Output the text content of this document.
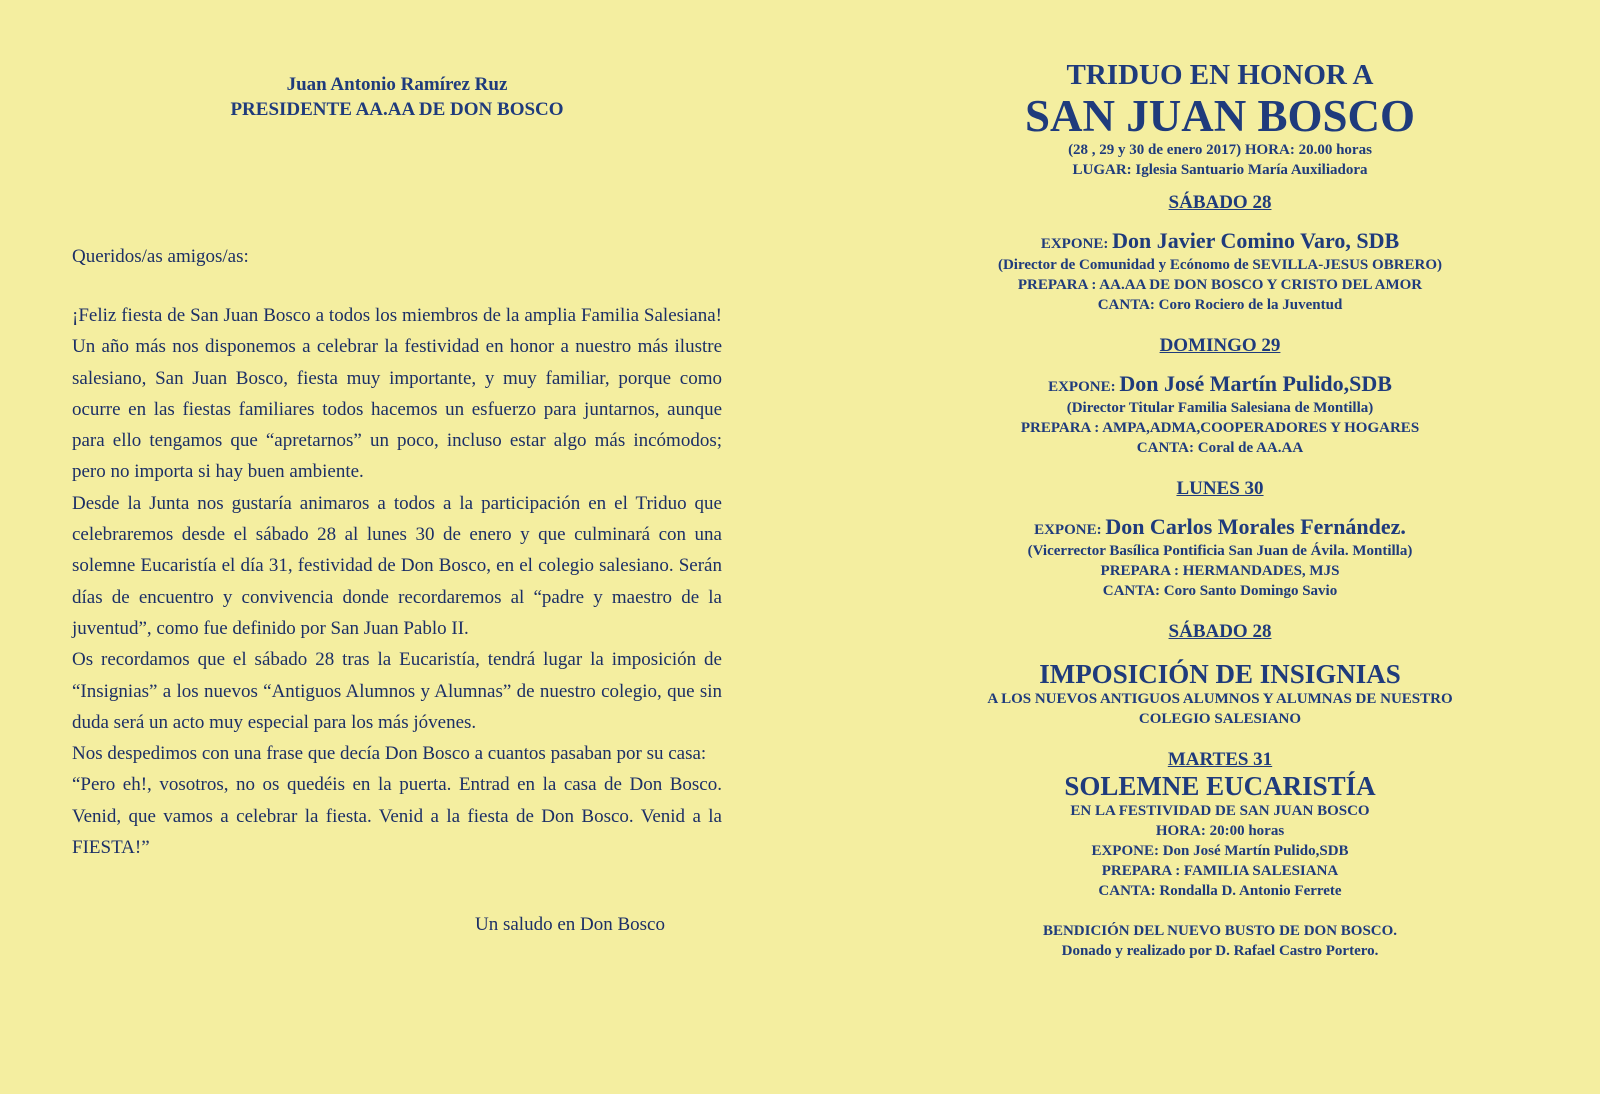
Juan Antonio Ramírez Ruz
PRESIDENTE AA.AA DE DON BOSCO
Queridos/as amigos/as:

¡Feliz fiesta de San Juan Bosco a todos los miembros de la amplia Familia Salesiana! Un año más nos disponemos a celebrar la festividad en honor a nuestro más ilustre salesiano, San Juan Bosco, fiesta muy importante, y muy familiar, porque como ocurre en las fiestas familiares todos hacemos un esfuerzo para juntarnos, aunque para ello tengamos que “apretarnos” un poco, incluso estar algo más incómodos; pero no importa si hay buen ambiente.

Desde la Junta nos gustaría animaros a todos a la participación en el Triduo que celebraremos desde el sábado 28 al lunes 30 de enero y que culminará con una solemne Eucaristía el día 31, festividad de Don Bosco, en el colegio salesiano. Serán días de encuentro y convivencia donde recordaremos al “padre y maestro de la juventud”, como fue definido por San Juan Pablo II.

Os recordamos que el sábado 28 tras la Eucaristía, tendrá lugar la imposición de “Insignias” a los nuevos “Antiguos Alumnos y Alumnas” de nuestro colegio, que sin duda será un acto muy especial para los más jóvenes.

Nos despedimos con una frase que decía Don Bosco a cuantos pasaban por su casa:

“Pero eh!, vosotros, no os quedéis en la puerta. Entrad en la casa de Don Bosco. Venid, que vamos a celebrar la fiesta. Venid a la fiesta de Don Bosco. Venid a la FIESTA!”

Un saludo en Don Bosco
TRIDUO EN HONOR A
SAN JUAN BOSCO
(28 , 29 y 30 de enero 2017) HORA: 20.00 horas
LUGAR: Iglesia Santuario María Auxiliadora
SÁBADO 28
EXPONE: Don Javier Comino Varo, SDB
(Director de Comunidad y Ecónomo de SEVILLA-JESUS OBRERO)
PREPARA : AA.AA DE DON BOSCO Y CRISTO DEL AMOR
CANTA: Coro Rociero de la Juventud
DOMINGO 29
EXPONE: Don José Martín Pulido,SDB
(Director Titular Familia Salesiana de Montilla)
PREPARA : AMPA,ADMA,COOPERADORES Y HOGARES
CANTA: Coral de AA.AA
LUNES 30
EXPONE: Don Carlos Morales Fernández.
(Vicerrector Basílica Pontificia San Juan de Ávila. Montilla)
PREPARA : HERMANDADES, MJS
CANTA: Coro Santo Domingo Savio
SÁBADO 28
IMPOSICIÓN DE INSIGNIAS
A LOS NUEVOS ANTIGUOS ALUMNOS Y ALUMNAS DE NUESTRO
COLEGIO SALESIANO
MARTES 31
SOLEMNE EUCARISTÍA
EN LA FESTIVIDAD DE SAN JUAN BOSCO
HORA: 20:00 horas
EXPONE: Don José Martín Pulido,SDB
PREPARA : FAMILIA SALESIANA
CANTA: Rondalla D. Antonio Ferrete
BENDICIÓN DEL NUEVO BUSTO DE DON BOSCO.
Donado y realizado por D. Rafael Castro Portero.
